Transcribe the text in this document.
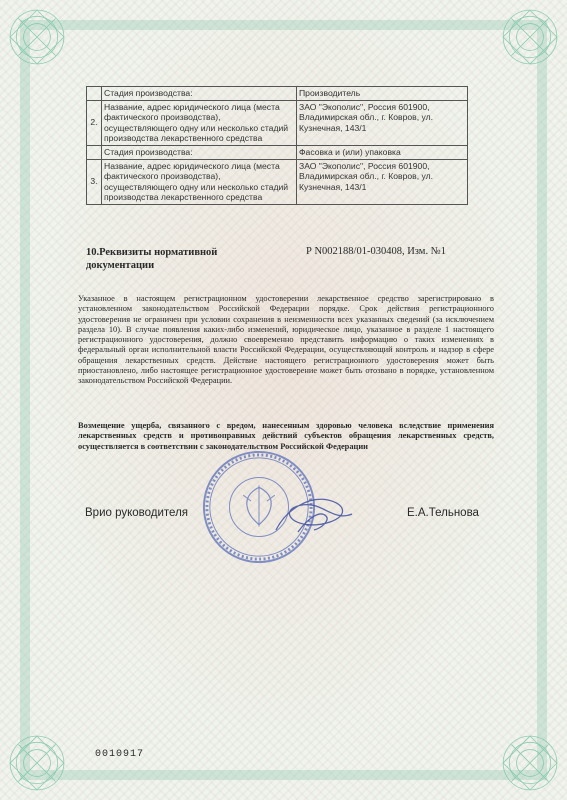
	Стадия производства:	Производитель
2.	Название, адрес юридического лица (места фактического производства), осуществляющего одну или несколько стадий производства лекарственного средства	ЗАО "Экополис", Россия 601900, Владимирская обл., г. Ковров, ул. Кузнечная, 143/1
	Стадия производства:	Фасовка и (или) упаковка
3.	Название, адрес юридического лица (места фактического производства), осуществляющего одну или несколько стадий производства лекарственного средства	ЗАО "Экополис", Россия 601900, Владимирская обл., г. Ковров, ул. Кузнечная, 143/1
10.Реквизиты нормативной документации
Р N002188/01-030408, Изм. №1
Указанное в настоящем регистрационном удостоверении лекарственное средство зарегистрировано в установленном законодательством Российской Федерации порядке. Срок действия регистрационного удостоверения не ограничен при условии сохранения в неизменности всех указанных сведений (за исключением раздела 10). В случае появления каких-либо изменений, юридическое лицо, указанное в разделе 1 настоящего регистрационного удостоверения, должно своевременно представить информацию о таких изменениях в федеральный орган исполнительной власти Российской Федерации, осуществляющий контроль и надзор в сфере обращения лекарственных средств. Действие настоящего регистрационного удостоверения может быть приостановлено, либо настоящее регистрационное удостоверение может быть отозвано в порядке, установленном законодательством Российской Федерации.
Возмещение ущерба, связанного с вредом, нанесенным здоровью человека вследствие применения лекарственных средств и противоправных действий субъектов обращения лекарственных средств, осуществляется в соответствии с законодательством Российской Федерации
Врио руководителя	Е.А.Тельнова
0010917
